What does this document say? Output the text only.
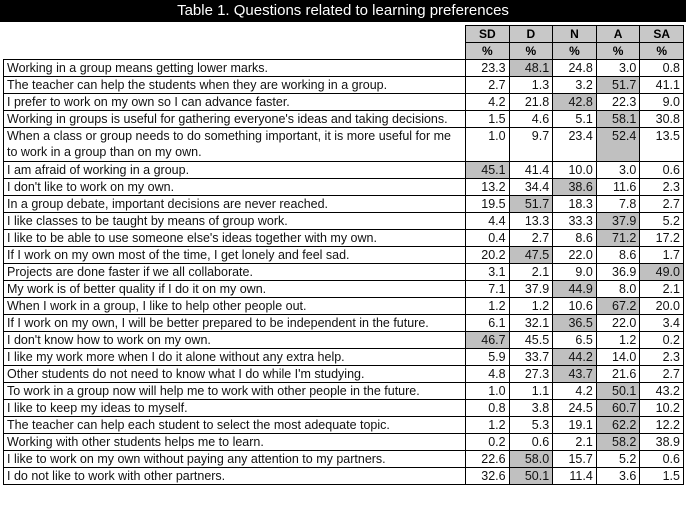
Table 1. Questions related to learning preferences
	SD	D	N	A	SA
	%	%	%	%	%
Working in a group means getting lower marks.	23.3	48.1	24.8	3.0	0.8
The teacher can help the students when they are working in a group.	2.7	1.3	3.2	51.7	41.1
I prefer to work on my own so I can advance faster.	4.2	21.8	42.8	22.3	9.0
Working in groups is useful for gathering everyone's ideas and taking decisions.	1.5	4.6	5.1	58.1	30.8
When a class or group needs to do something important, it is more useful for me to work in a group than on my own.	1.0	9.7	23.4	52.4	13.5
I am afraid of working in a group.	45.1	41.4	10.0	3.0	0.6
I don't like to work on my own.	13.2	34.4	38.6	11.6	2.3
In a group debate, important decisions are never reached.	19.5	51.7	18.3	7.8	2.7
I like classes to be taught by means of group work.	4.4	13.3	33.3	37.9	5.2
I like to be able to use someone else's ideas together with my own.	0.4	2.7	8.6	71.2	17.2
If I work on my own most of the time, I get lonely and feel sad.	20.2	47.5	22.0	8.6	1.7
Projects are done faster if we all collaborate.	3.1	2.1	9.0	36.9	49.0
My work is of better quality if I do it on my own.	7.1	37.9	44.9	8.0	2.1
When I work in a group, I like to help other people out.	1.2	1.2	10.6	67.2	20.0
If I work on my own, I will be better prepared to be independent in the future.	6.1	32.1	36.5	22.0	3.4
I don't know how to work on my own.	46.7	45.5	6.5	1.2	0.2
I like my work more when I do it alone without any extra help.	5.9	33.7	44.2	14.0	2.3
Other students do not need to know what I do while I'm studying.	4.8	27.3	43.7	21.6	2.7
To work in a group now will help me to work with other people in the future.	1.0	1.1	4.2	50.1	43.2
I like to keep my ideas to myself.	0.8	3.8	24.5	60.7	10.2
The teacher can help each student to select the most adequate topic.	1.2	5.3	19.1	62.2	12.2
Working with other students helps me to learn.	0.2	0.6	2.1	58.2	38.9
I like to work on my own without paying any attention to my partners.	22.6	58.0	15.7	5.2	0.6
I do not like to work with other partners.	32.6	50.1	11.4	3.6	1.5
